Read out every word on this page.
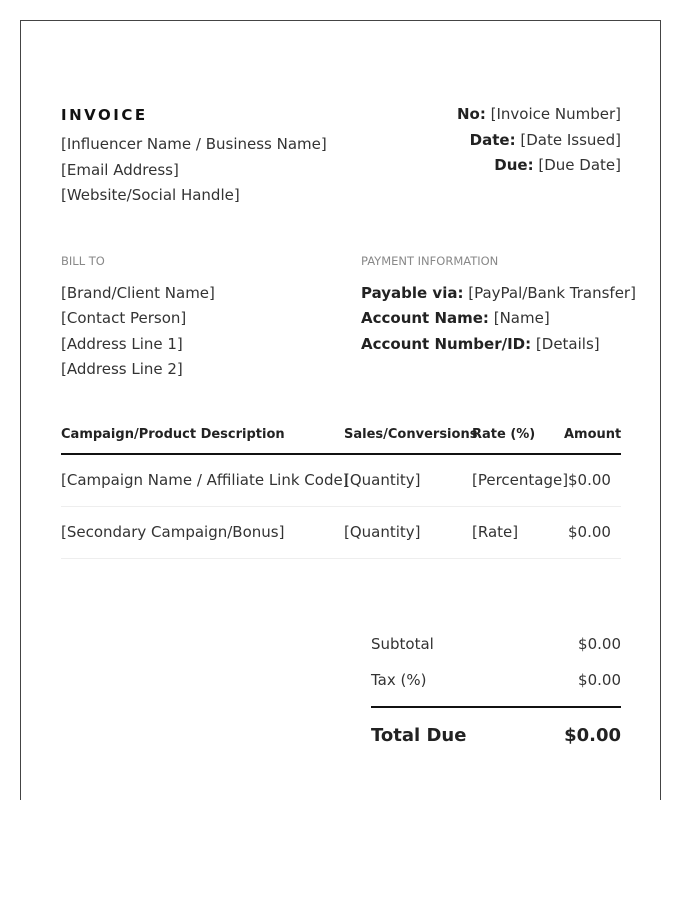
INVOICE
[Influencer Name / Business Name]
[Email Address]
[Website/Social Handle]
No: [Invoice Number]
Date: [Date Issued]
Due: [Due Date]
BILL TO
[Brand/Client Name]
[Contact Person]
[Address Line 1]
[Address Line 2]
PAYMENT INFORMATION
Payable via: [PayPal/Bank Transfer]
Account Name: [Name]
Account Number/ID: [Details]
Campaign/Product Description	Sales/Conversions	Rate (%)	Amount
[Campaign Name / Affiliate Link Code]	[Quantity]	[Percentage]	$0.00
[Secondary Campaign/Bonus]	[Quantity]	[Rate]	$0.00
Subtotal	$0.00
Tax (%)	$0.00
Total Due	$0.00
